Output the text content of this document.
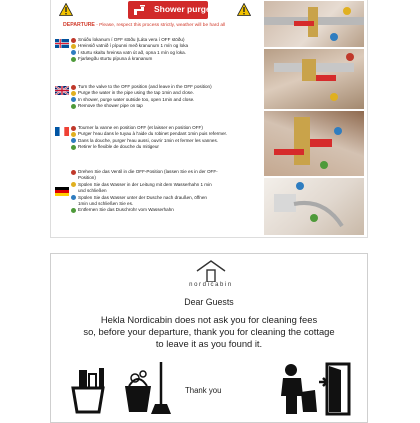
Shower purge
DEPARTURE - Please, respect this process strictly, weather will be hard all
Snúðu lokanum í OFF stöðu (Láta vera í OFF stöðu)
Hreinsið vatnið í pípunni með kranunum 1 mín og loka
Í sturtu skaltu hreinsa vatn út að, opna 1 mín og loka.
Fjarlægðu sturtu pípuna á krananum
Turn the valve to the OFF position (and leave in the OFF position)
Purge the water in the pipe using the tap 1min and close.
In shower, purge water outside too, open 1min and close.
Remove the shower pipe on tap
Tourner la vanne en position OFF (et laisser en position OFF)
Purger l'eau dans le tuyau à l'aide du robinet pendant 1min puis refermer.
Dans la douche, purger l'eau aussi, ouvrir 1min et fermer les vannes.
Retirer le flexible de douche du mitigeur
Drehen Sie das Ventil in die OFF-Position (lassen Sie es in der OFF-
Position)
Spülen Sie das Wasser in der Leitung mit dem Wasserhahn 1 min
und schließen
Spülen Sie das Wasser unter der Dusche nach draußen, öffnen
1min und schließen Sie es.
Entfernen Sie das Duschrohr vom Wasserhahn
nordicabin
Dear Guests
Hekla Nordicabin does not ask you for cleaning fees
so, before your departure, thank you for cleaning the cottage
to leave it as you found it.
Thank you
